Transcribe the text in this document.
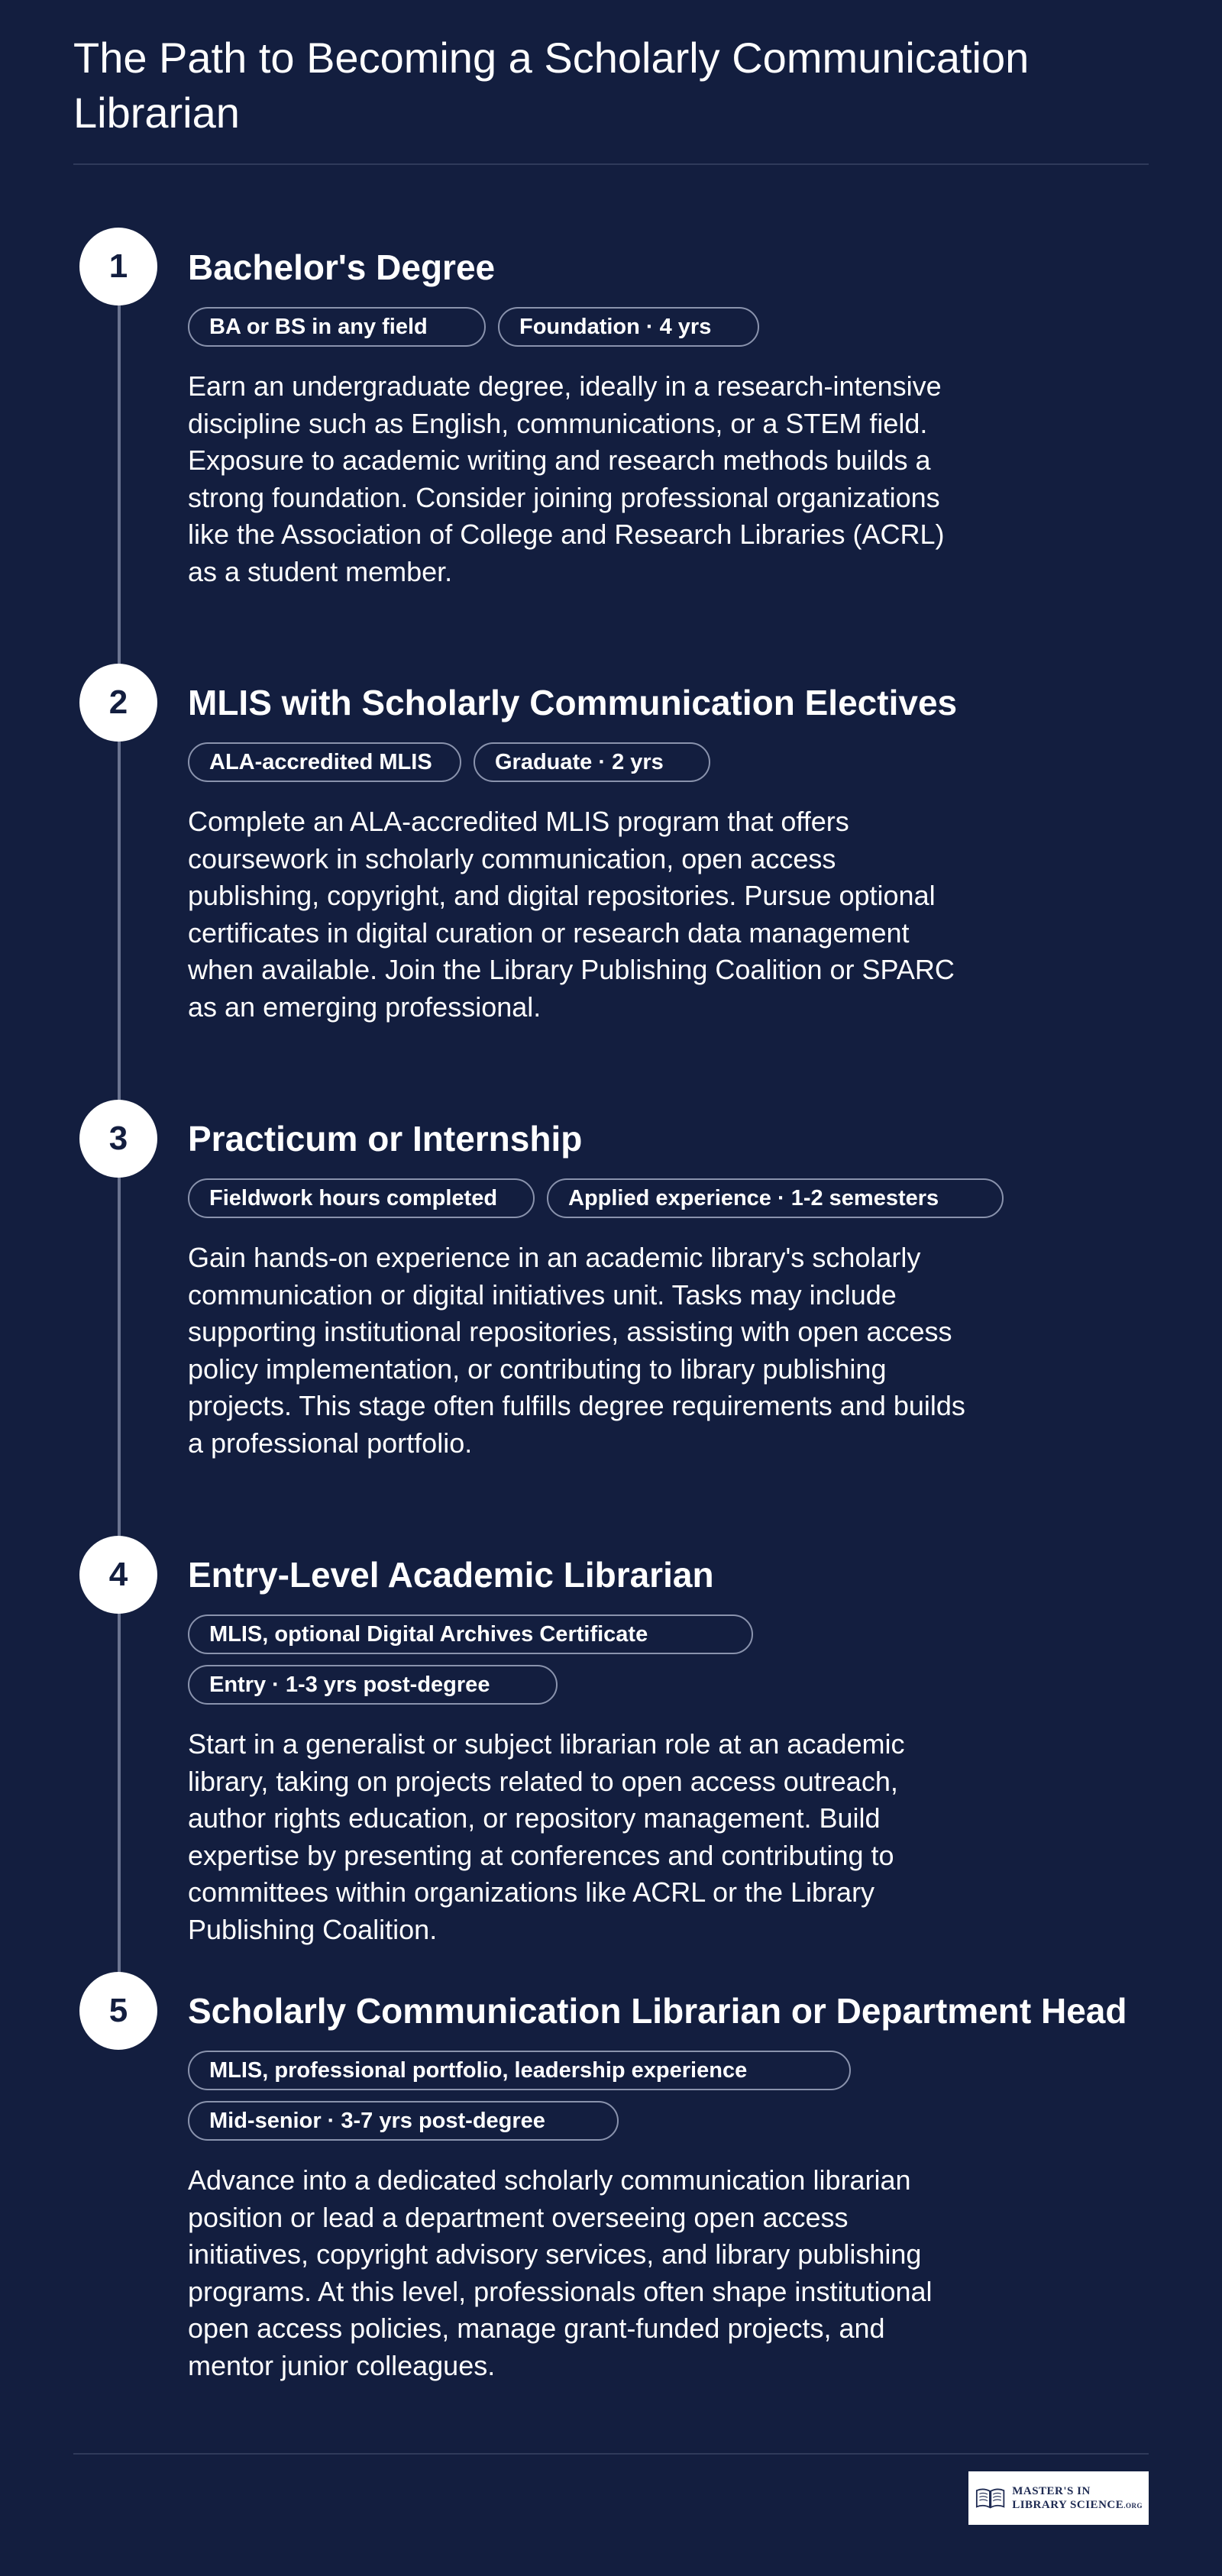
The Path to Becoming a Scholarly Communication Librarian
1	Bachelor's Degree
BA or BS in any field	Foundation · 4 yrs

Earn an undergraduate degree, ideally in a research-intensive discipline such as English, communications, or a STEM field. Exposure to academic writing and research methods builds a strong foundation. Consider joining professional organizations like the Association of College and Research Libraries (ACRL) as a student member.

2	MLIS with Scholarly Communication Electives
ALA-accredited MLIS	Graduate · 2 yrs

Complete an ALA-accredited MLIS program that offers coursework in scholarly communication, open access publishing, copyright, and digital repositories. Pursue optional certificates in digital curation or research data management when available. Join the Library Publishing Coalition or SPARC as an emerging professional.

3	Practicum or Internship
Fieldwork hours completed	Applied experience · 1-2 semesters

Gain hands-on experience in an academic library's scholarly communication or digital initiatives unit. Tasks may include supporting institutional repositories, assisting with open access policy implementation, or contributing to library publishing projects. This stage often fulfills degree requirements and builds a professional portfolio.

4	Entry-Level Academic Librarian
MLIS, optional Digital Archives Certificate
Entry · 1-3 yrs post-degree

Start in a generalist or subject librarian role at an academic library, taking on projects related to open access outreach, author rights education, or repository management. Build expertise by presenting at conferences and contributing to committees within organizations like ACRL or the Library Publishing Coalition.

5	Scholarly Communication Librarian or Department Head
MLIS, professional portfolio, leadership experience
Mid-senior · 3-7 yrs post-degree

Advance into a dedicated scholarly communication librarian position or lead a department overseeing open access initiatives, copyright advisory services, and library publishing programs. At this level, professionals often shape institutional open access policies, manage grant-funded projects, and mentor junior colleagues.

MASTER'S IN
LIBRARY SCIENCE.ORG
